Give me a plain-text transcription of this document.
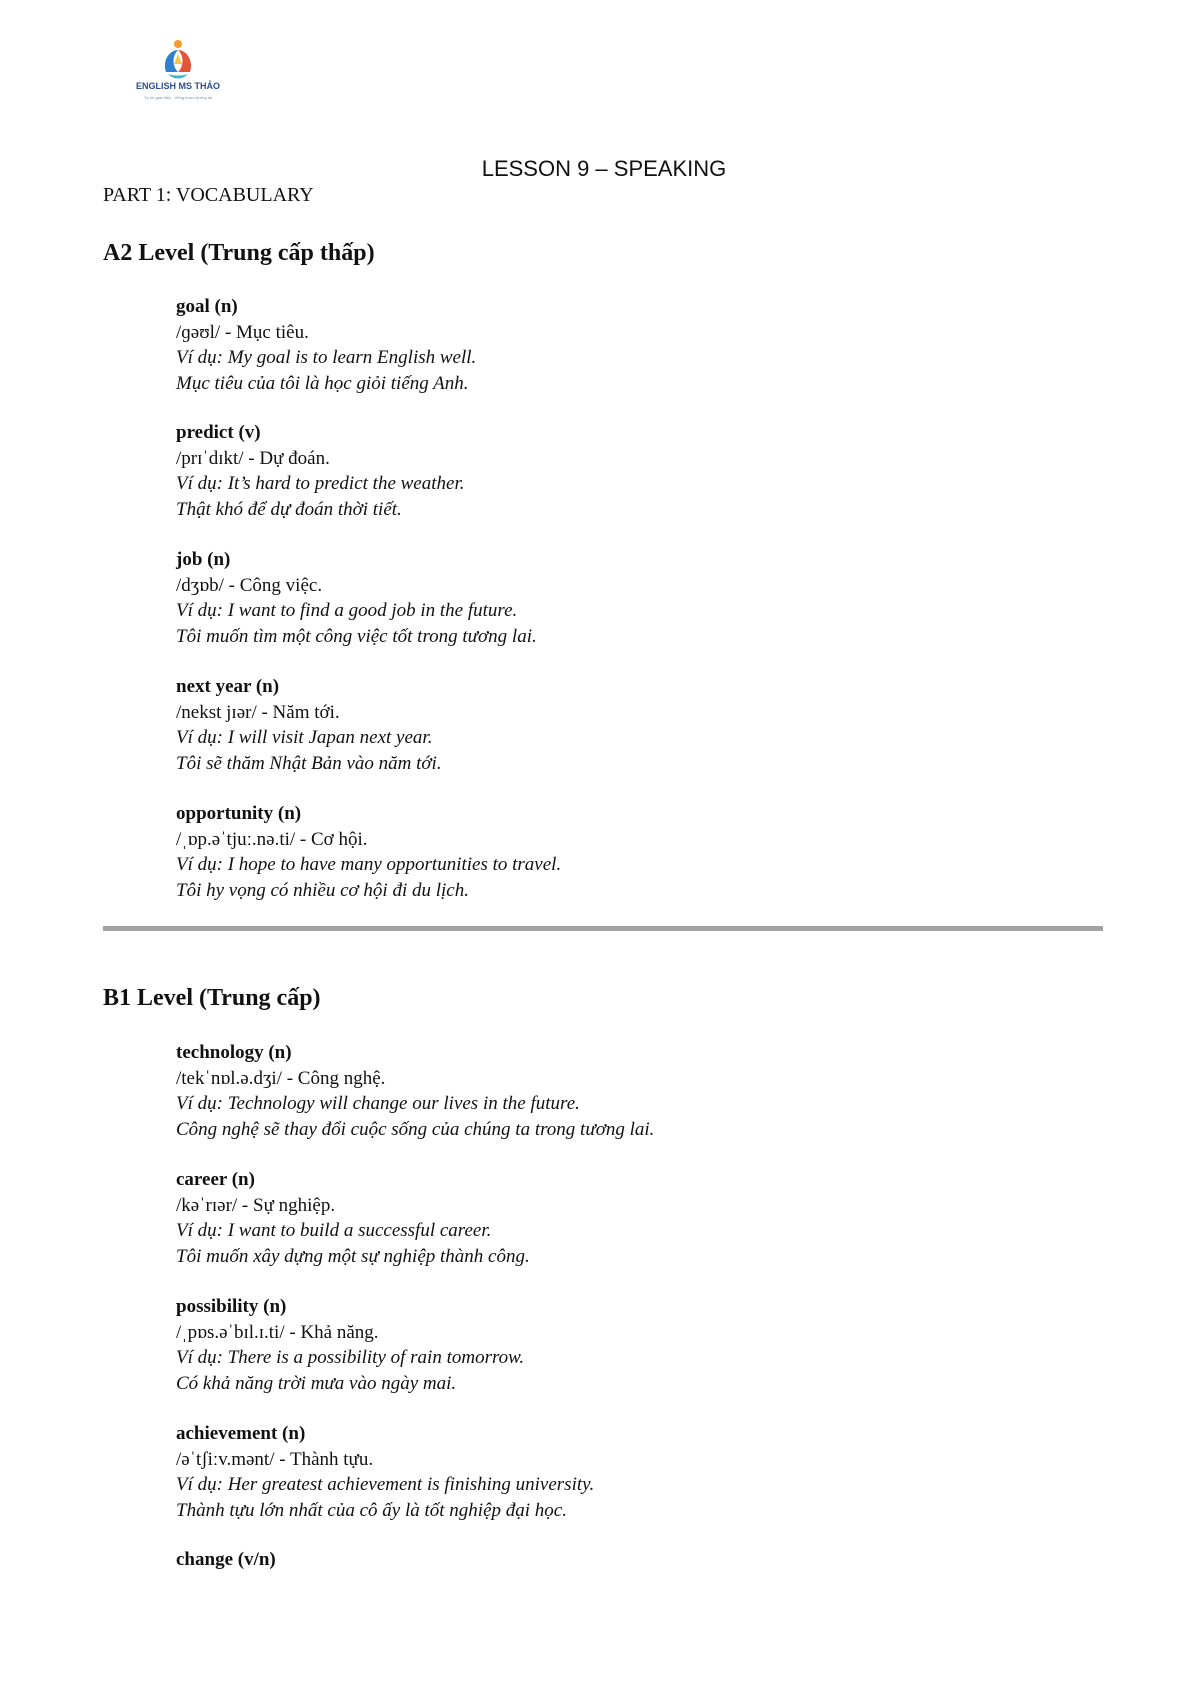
ENGLISH MS THẢO
Tự tin giao tiếp · Vững bước tương lai
LESSON 9 – SPEAKING
PART 1: VOCABULARY
A2 Level (Trung cấp thấp)
goal (n)
/ɡəʊl/ - Mục tiêu.
Ví dụ: My goal is to learn English well.
Mục tiêu của tôi là học giỏi tiếng Anh.
predict (v)
/prɪˈdɪkt/ - Dự đoán.
Ví dụ: It’s hard to predict the weather.
Thật khó để dự đoán thời tiết.
job (n)
/dʒɒb/ - Công việc.
Ví dụ: I want to find a good job in the future.
Tôi muốn tìm một công việc tốt trong tương lai.
next year (n)
/nekst jɪər/ - Năm tới.
Ví dụ: I will visit Japan next year.
Tôi sẽ thăm Nhật Bản vào năm tới.
opportunity (n)
/ˌɒp.əˈtjuː.nə.ti/ - Cơ hội.
Ví dụ: I hope to have many opportunities to travel.
Tôi hy vọng có nhiều cơ hội đi du lịch.
B1 Level (Trung cấp)
technology (n)
/tekˈnɒl.ə.dʒi/ - Công nghệ.
Ví dụ: Technology will change our lives in the future.
Công nghệ sẽ thay đổi cuộc sống của chúng ta trong tương lai.
career (n)
/kəˈrɪər/ - Sự nghiệp.
Ví dụ: I want to build a successful career.
Tôi muốn xây dựng một sự nghiệp thành công.
possibility (n)
/ˌpɒs.əˈbɪl.ɪ.ti/ - Khả năng.
Ví dụ: There is a possibility of rain tomorrow.
Có khả năng trời mưa vào ngày mai.
achievement (n)
/əˈtʃiːv.mənt/ - Thành tựu.
Ví dụ: Her greatest achievement is finishing university.
Thành tựu lớn nhất của cô ấy là tốt nghiệp đại học.
change (v/n)
